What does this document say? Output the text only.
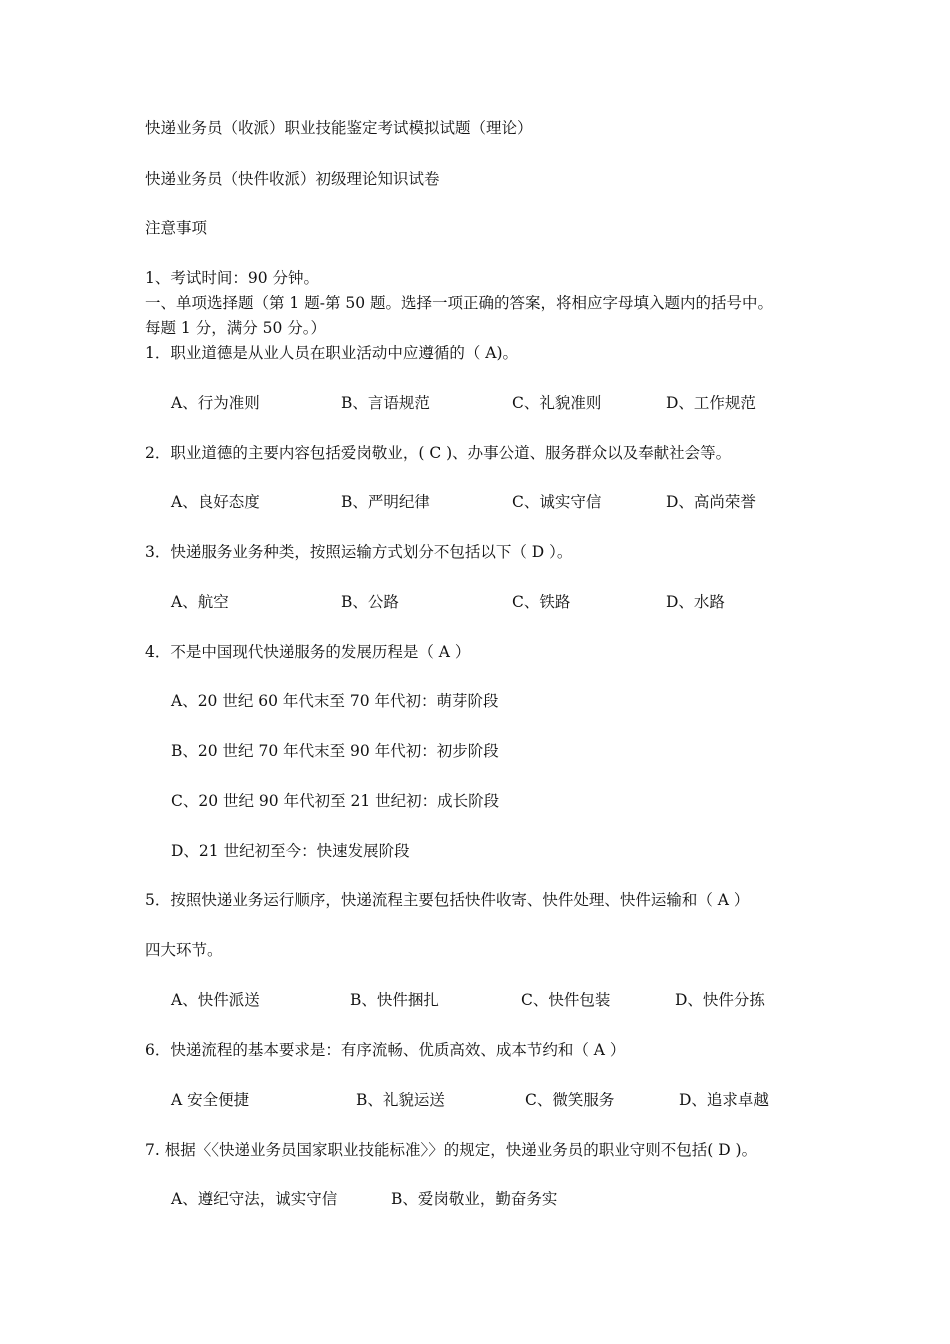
快递业务员（收派）职业技能鉴定考试模拟试题（理论）
快递业务员（快件收派）初级理论知识试卷
注意事项
1、考试时间：90 分钟。
一、单项选择题（第 1 题-第 50 题。选择一项正确的答案，将相应字母填入题内的括号中。
每题 1 分，满分 50 分。）
1．职业道德是从业人员在职业活动中应遵循的（ A)。
A、行为准则	B、言语规范	C、礼貌准则	D、工作规范
2．职业道德的主要内容包括爱岗敬业，( C )、办事公道、服务群众以及奉献社会等。
A、良好态度	B、严明纪律	C、诚实守信	D、高尚荣誉
3．快递服务业务种类，按照运输方式划分不包括以下（ D ）。
A、航空	B、公路	C、铁路	D、水路
4．不是中国现代快递服务的发展历程是（ A ）
A、20 世纪 60 年代末至 70 年代初：萌芽阶段
B、20 世纪 70 年代末至 90 年代初：初步阶段
C、20 世纪 90 年代初至 21 世纪初：成长阶段
D、21 世纪初至今：快速发展阶段
5．按照快递业务运行顺序，快递流程主要包括快件收寄、快件处理、快件运输和（ A ）
四大环节。
A、快件派送	B、快件捆扎	C、快件包装	D、快件分拣
6．快递流程的基本要求是：有序流畅、优质高效、成本节约和（ A ）
A 安全便捷	B、礼貌运送	C、微笑服务	D、追求卓越
7. 根据〈〈快递业务员国家职业技能标准〉〉的规定，快递业务员的职业守则不包括( D )。
A、遵纪守法，诚实守信	B、爱岗敬业，勤奋务实
